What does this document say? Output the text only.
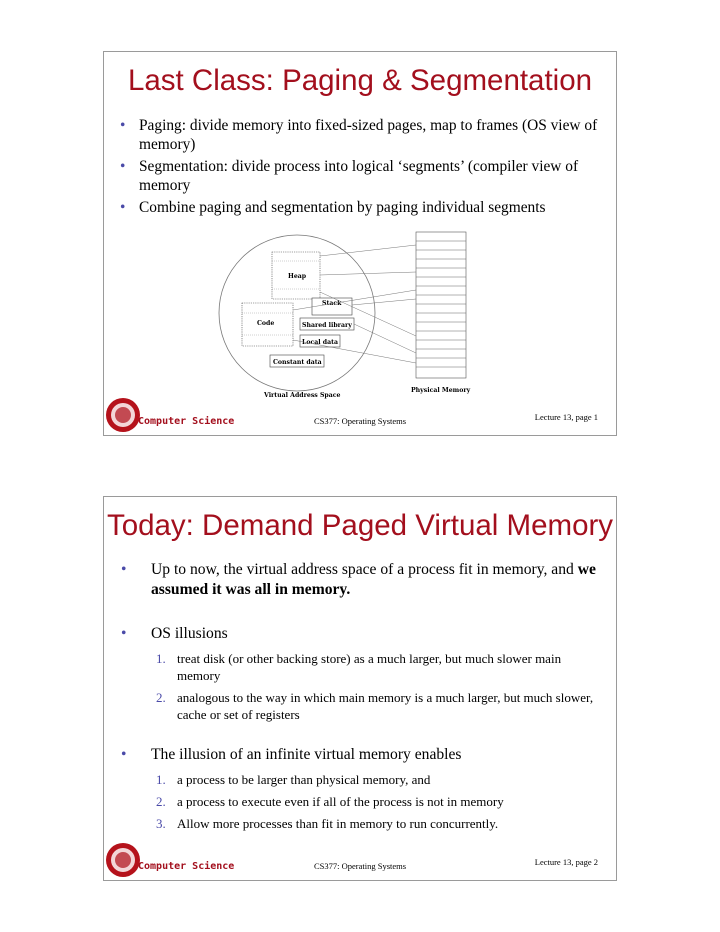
Last Class: Paging & Segmentation
• Paging: divide memory into fixed-sized pages, map to frames (OS view of memory)
• Segmentation: divide process into logical ‘segments’ (compiler view of memory
• Combine paging and segmentation by paging individual segments
Heap
Stack
Code	Shared library
Local data
Constant data
Virtual Address Space
Physical Memory
Computer Science	CS377: Operating Systems	Lecture 13, page 1
Today: Demand Paged Virtual Memory
• Up to now, the virtual address space of a process fit in memory, and we assumed it was all in memory.
• OS illusions
1. treat disk (or other backing store) as a much larger, but much slower main memory
2. analogous to the way in which main memory is a much larger, but much slower, cache or set of registers
• The illusion of an infinite virtual memory enables
1. a process to be larger than physical memory, and
2. a process to execute even if all of the process is not in memory
3. Allow more processes than fit in memory to run concurrently.
Computer Science	CS377: Operating Systems	Lecture 13, page 2
